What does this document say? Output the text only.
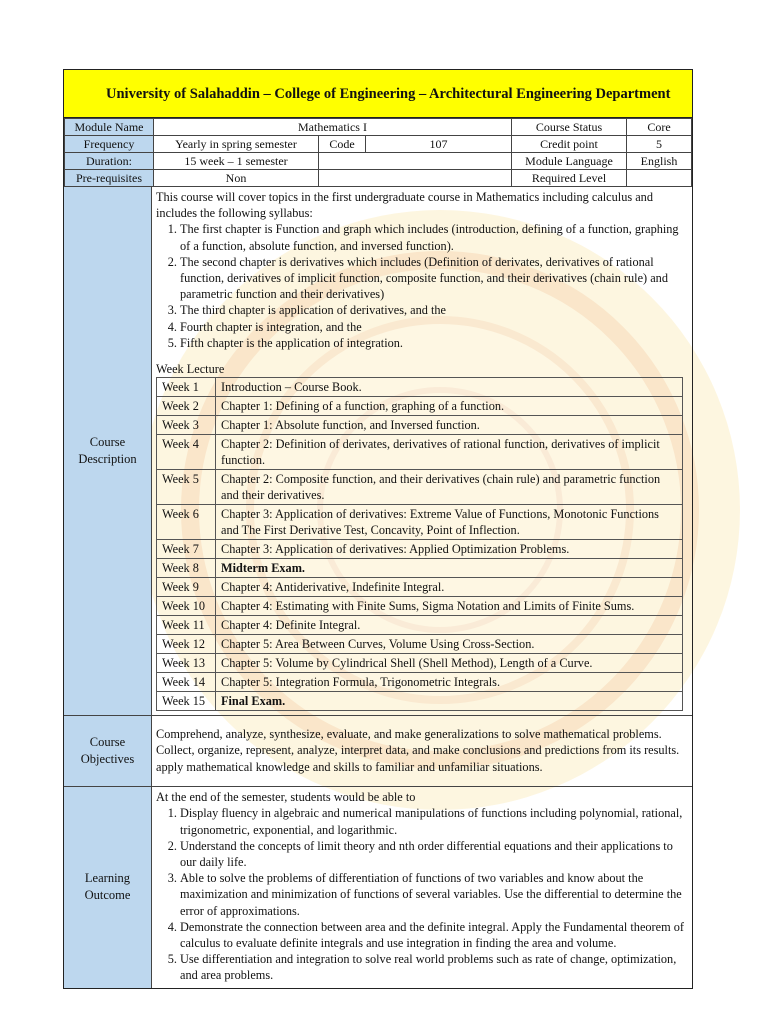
University of Salahaddin – College of Engineering – Architectural Engineering Department
Module Name	Mathematics I			Course Status	Core
Frequency	Yearly in spring semester	Code	107	Credit point	5
Duration:	15 week – 1 semester			Module Language	English
Pre-requisites	Non			Required Level	
Course
Description
This course will cover topics in the first undergraduate course in Mathematics including calculus and includes the following syllabus:
1. The first chapter is Function and graph which includes (introduction, defining of a function, graphing of a function, absolute function, and inversed function).
2. The second chapter is derivatives which includes (Definition of derivates, derivatives of rational function, derivatives of implicit function, composite function, and their derivatives (chain rule) and parametric function and their derivatives)
3. The third chapter is application of derivatives, and the
4. Fourth chapter is integration, and the
5. Fifth chapter is the application of integration.
Week Lecture
Week 1	Introduction – Course Book.
Week 2	Chapter 1: Defining of a function, graphing of a function.
Week 3	Chapter 1: Absolute function, and Inversed function.
Week 4	Chapter 2: Definition of derivates, derivatives of rational function, derivatives of implicit function.
Week 5	Chapter 2: Composite function, and their derivatives (chain rule) and parametric function and their derivatives.
Week 6	Chapter 3: Application of derivatives: Extreme Value of Functions, Monotonic Functions and The First Derivative Test, Concavity, Point of Inflection.
Week 7	Chapter 3: Application of derivatives: Applied Optimization Problems.
Week 8	Midterm Exam.
Week 9	Chapter 4: Antiderivative, Indefinite Integral.
Week 10	Chapter 4: Estimating with Finite Sums, Sigma Notation and Limits of Finite Sums.
Week 11	Chapter 4: Definite Integral.
Week 12	Chapter 5: Area Between Curves, Volume Using Cross-Section.
Week 13	Chapter 5: Volume by Cylindrical Shell (Shell Method), Length of a Curve.
Week 14	Chapter 5: Integration Formula, Trigonometric Integrals.
Week 15	Final Exam.
Course
Objectives
Comprehend, analyze, synthesize, evaluate, and make generalizations to solve mathematical problems. Collect, organize, represent, analyze, interpret data, and make conclusions and predictions from its results. apply mathematical knowledge and skills to familiar and unfamiliar situations.
Learning
Outcome
At the end of the semester, students would be able to
1. Display fluency in algebraic and numerical manipulations of functions including polynomial, rational, trigonometric, exponential, and logarithmic.
2. Understand the concepts of limit theory and nth order differential equations and their applications to our daily life.
3. Able to solve the problems of differentiation of functions of two variables and know about the maximization and minimization of functions of several variables. Use the differential to determine the error of approximations.
4. Demonstrate the connection between area and the definite integral. Apply the Fundamental theorem of calculus to evaluate definite integrals and use integration in finding the area and volume.
5. Use differentiation and integration to solve real world problems such as rate of change, optimization, and area problems.
